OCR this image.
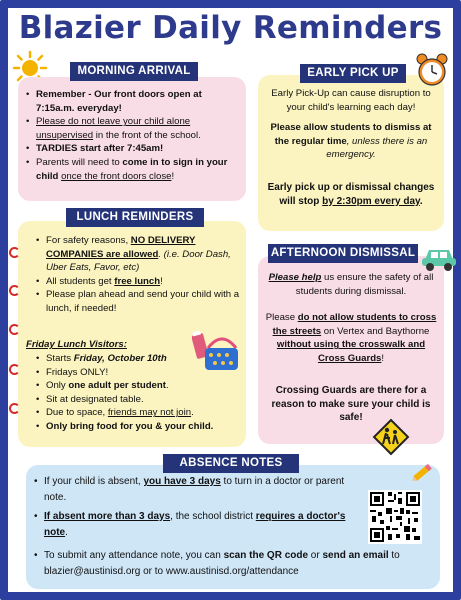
Blazier Daily Reminders
MORNING ARRIVAL
• Remember - Our front doors open at 7:15a.m. everyday!
• Please do not leave your child alone unsupervised in the front of the school.
• TARDIES start after 7:45am!
• Parents will need to come in to sign in your child once the front doors close!
EARLY PICK UP
Early Pick-Up can cause disruption to your child's learning each day!
Please allow students to dismiss at the regular time, unless there is an emergency.
Early pick up or dismissal changes will stop by 2:30pm every day.
LUNCH REMINDERS
• For safety reasons, NO DELIVERY COMPANIES are allowed. (i.e. Door Dash, Uber Eats, Favor, etc)
• All students get free lunch!
• Please plan ahead and send your child with a lunch, if needed!
Friday Lunch Visitors:
• Starts Friday, October 10th
• Fridays ONLY!
• Only one adult per student.
• Sit at designated table.
• Due to space, friends may not join.
• Only bring food for you & your child.
AFTERNOON DISMISSAL
Please help us ensure the safety of all students during dismissal.
Please do not allow students to cross the streets on Vertex and Baythorne without using the crosswalk and Cross Guards!
Crossing Guards are there for a reason to make sure your child is safe!
ABSENCE NOTES
• If your child is absent, you have 3 days to turn in a doctor or parent note.
• If absent more than 3 days, the school district requires a doctor's note.
• To submit any attendance note, you can scan the QR code or send an email to blazier@austinisd.org or to www.austinisd.org/attendance
